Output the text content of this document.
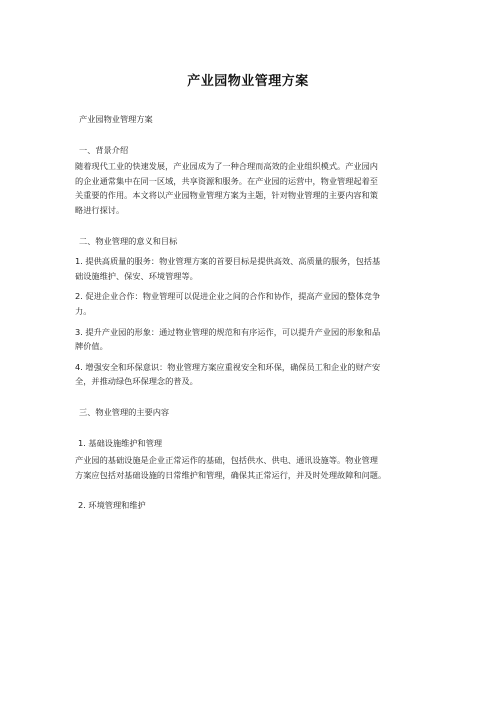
产业园物业管理方案
产业园物业管理方案
一、背景介绍
随着现代工业的快速发展，产业园成为了一种合理而高效的企业组织模式。产业园内
的企业通常集中在同一区域，共享资源和服务。在产业园的运营中，物业管理起着至
关重要的作用。本文将以产业园物业管理方案为主题，针对物业管理的主要内容和策
略进行探讨。
二、物业管理的意义和目标
1. 提供高质量的服务：物业管理方案的首要目标是提供高效、高质量的服务，包括基
础设施维护、保安、环境管理等。
2. 促进企业合作：物业管理可以促进企业之间的合作和协作，提高产业园的整体竞争
力。
3. 提升产业园的形象：通过物业管理的规范和有序运作，可以提升产业园的形象和品
牌价值。
4. 增强安全和环保意识：物业管理方案应重视安全和环保，确保员工和企业的财产安
全，并推动绿色环保理念的普及。
三、物业管理的主要内容
1. 基础设施维护和管理
产业园的基础设施是企业正常运作的基础，包括供水、供电、通讯设施等。物业管理
方案应包括对基础设施的日常维护和管理，确保其正常运行，并及时处理故障和问题。
2. 环境管理和维护
